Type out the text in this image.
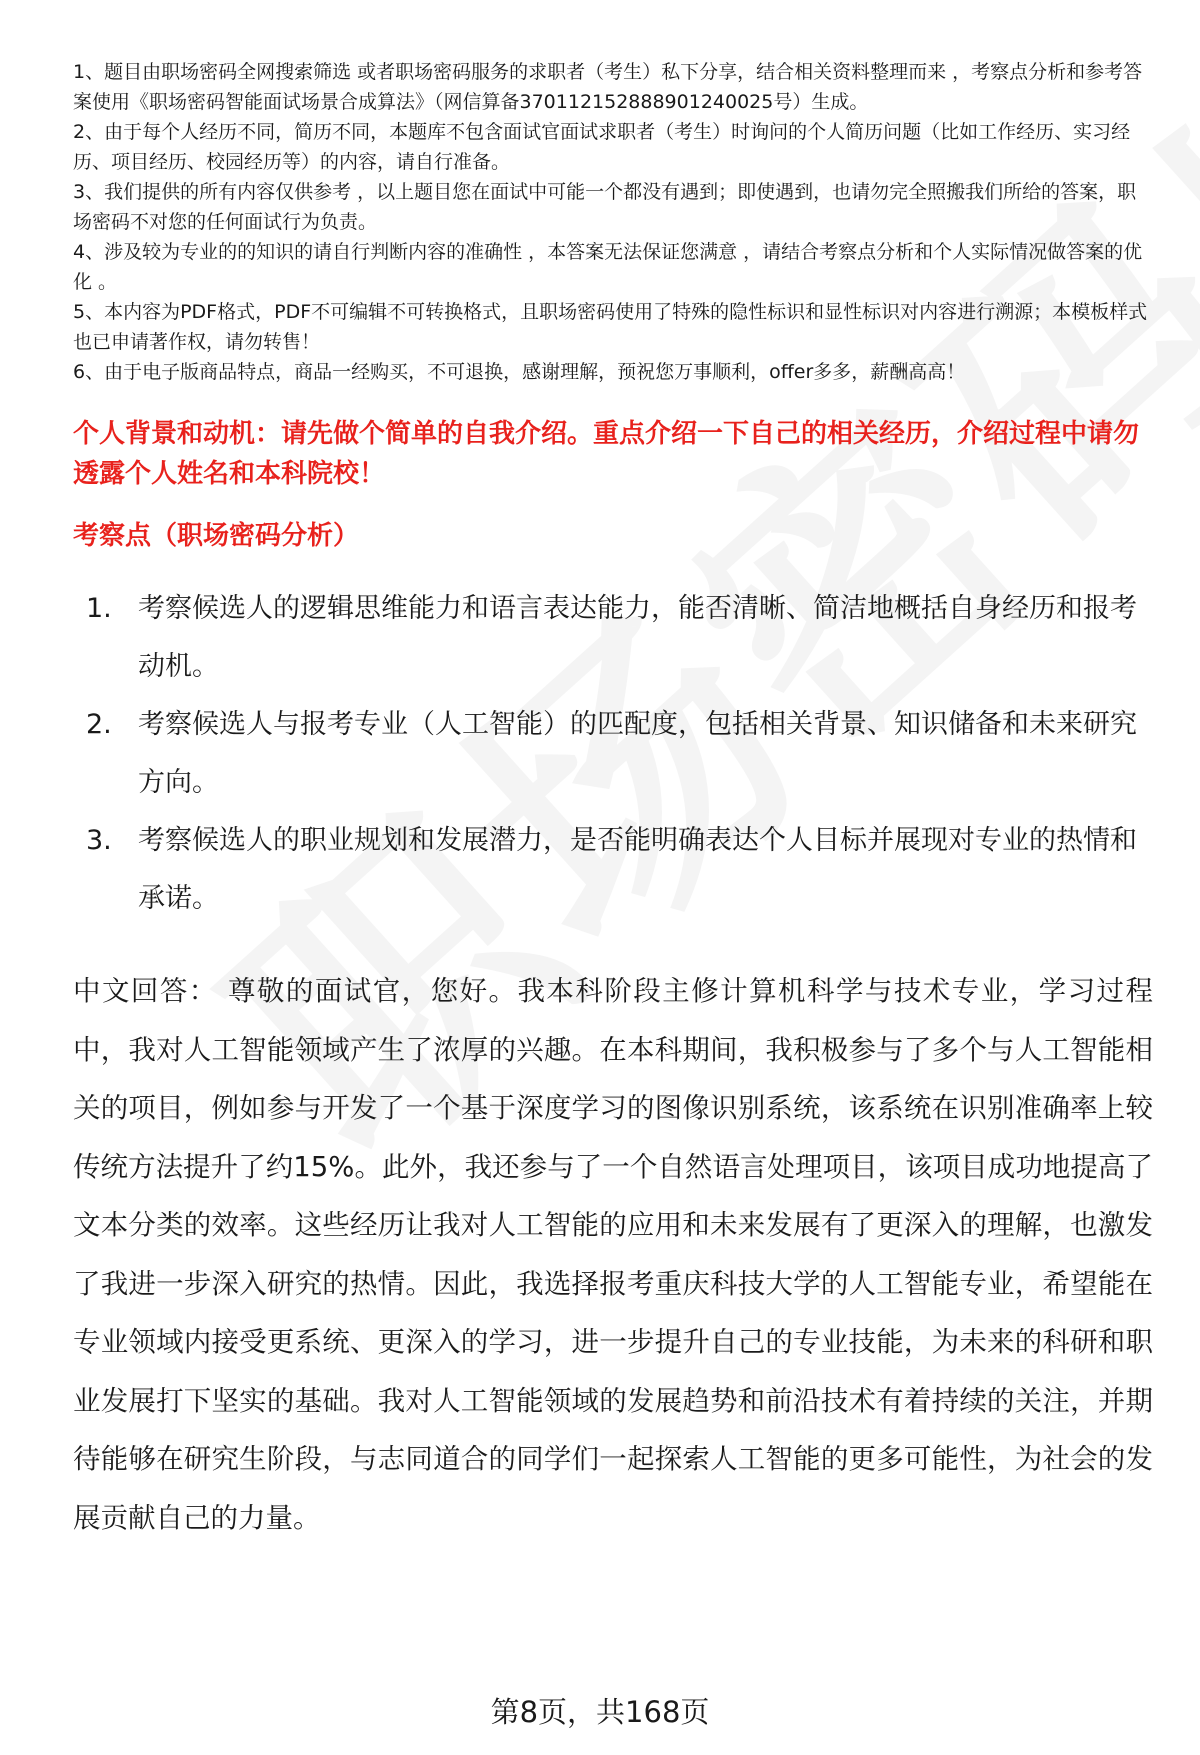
1、题目由职场密码全网搜索筛选 或者职场密码服务的求职者（考生）私下分享，结合相关资料整理而来 ，考察点分析和参考答案使用《职场密码智能面试场景合成算法》（网信算备370112152888901240025号）生成。
2、由于每个人经历不同，简历不同，本题库不包含面试官面试求职者（考生）时询问的个人简历问题（比如工作经历、实习经历、项目经历、校园经历等）的内容，请自行准备。
3、我们提供的所有内容仅供参考 ，以上题目您在面试中可能一个都没有遇到；即使遇到，也请勿完全照搬我们所给的答案，职场密码不对您的任何面试行为负责。
4、涉及较为专业的的知识的请自行判断内容的准确性 ，本答案无法保证您满意 ，请结合考察点分析和个人实际情况做答案的优化 。
5、本内容为PDF格式，PDF不可编辑不可转换格式，且职场密码使用了特殊的隐性标识和显性标识对内容进行溯源；本模板样式也已申请著作权，请勿转售！
6、由于电子版商品特点，商品一经购买，不可退换，感谢理解，预祝您万事顺利，offer多多，薪酬高高！
个人背景和动机：请先做个简单的自我介绍。重点介绍一下自己的相关经历，介绍过程中请勿透露个人姓名和本科院校！
考察点（职场密码分析）
1. 考察候选人的逻辑思维能力和语言表达能力，能否清晰、简洁地概括自身经历和报考动机。
2. 考察候选人与报考专业（人工智能）的匹配度，包括相关背景、知识储备和未来研究方向。
3. 考察候选人的职业规划和发展潜力，是否能明确表达个人目标并展现对专业的热情和承诺。
中文回答： 尊敬的面试官，您好。我本科阶段主修计算机科学与技术专业，学习过程中，我对人工智能领域产生了浓厚的兴趣。在本科期间，我积极参与了多个与人工智能相关的项目，例如参与开发了一个基于深度学习的图像识别系统，该系统在识别准确率上较传统方法提升了约15%。此外，我还参与了一个自然语言处理项目，该项目成功地提高了文本分类的效率。这些经历让我对人工智能的应用和未来发展有了更深入的理解，也激发了我进一步深入研究的热情。因此，我选择报考重庆科技大学的人工智能专业，希望能在专业领域内接受更系统、更深入的学习，进一步提升自己的专业技能，为未来的科研和职业发展打下坚实的基础。我对人工智能领域的发展趋势和前沿技术有着持续的关注，并期待能够在研究生阶段，与志同道合的同学们一起探索人工智能的更多可能性，为社会的发展贡献自己的力量。
第8页，共168页
